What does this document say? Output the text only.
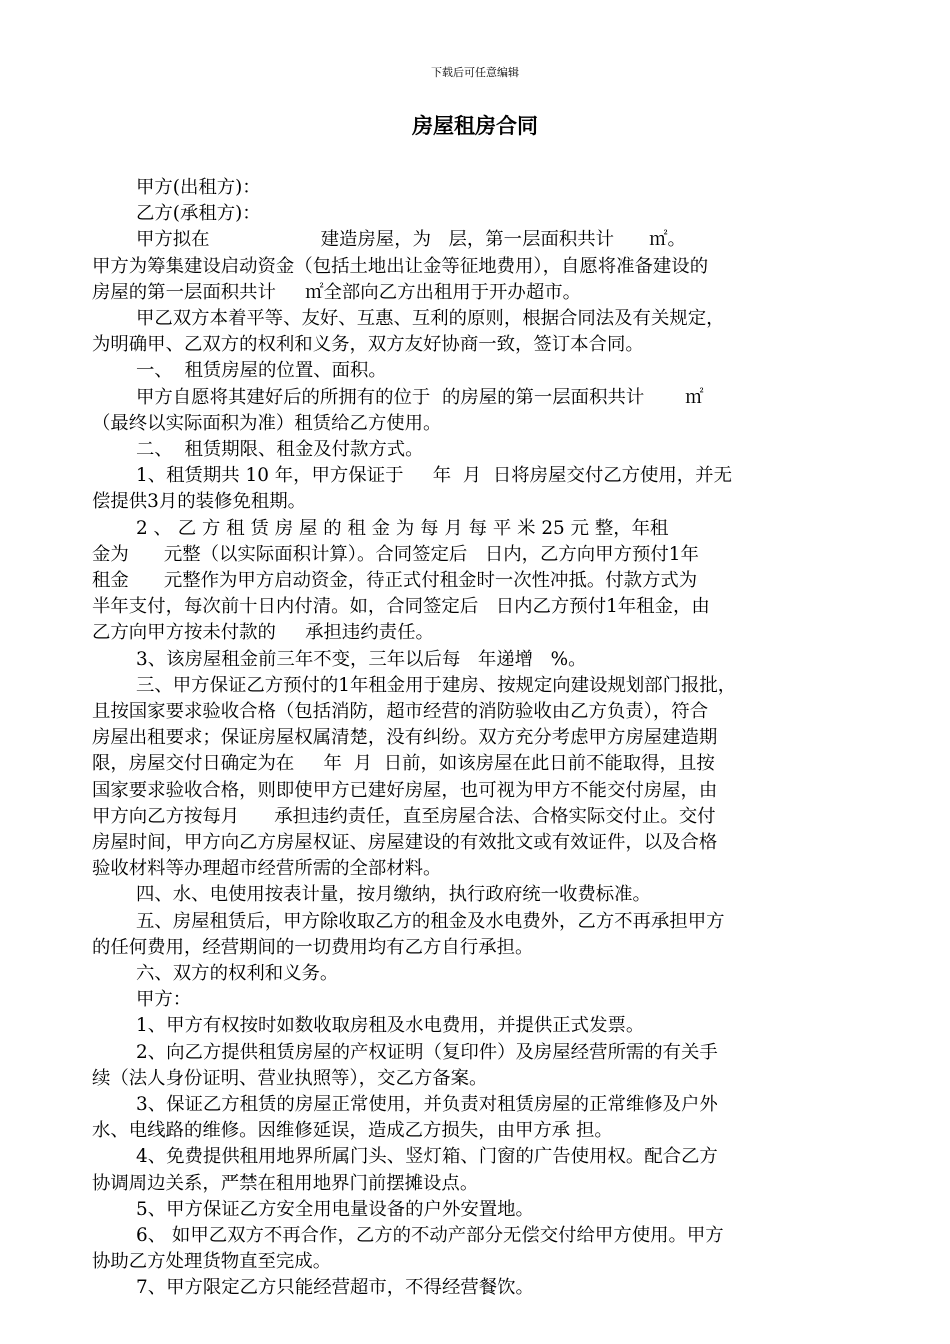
下载后可任意编辑
房屋租房合同
甲方(出租方)：
乙方(承租方)：
甲方拟在                   建造房屋，为   层，第一层面积共计      ㎡。
甲方为筹集建设启动资金（包括土地出让金等征地费用），自愿将准备建设的
房屋的第一层面积共计     ㎡全部向乙方出租用于开办超市。
甲乙双方本着平等、友好、互惠、互利的原则，根据合同法及有关规定，
为明确甲、乙双方的权利和义务，双方友好协商一致，签订本合同。
一、  租赁房屋的位置、面积。
甲方自愿将其建好后的所拥有的位于  的房屋的第一层面积共计       ㎡
（最终以实际面积为准）租赁给乙方使用。
二、  租赁期限、租金及付款方式。
1、租赁期共 10 年，甲方保证于     年  月  日将房屋交付乙方使用，并无
偿提供3月的装修免租期。
2 、 乙 方 租 赁 房 屋 的 租 金 为 每 月 每 平 米 25 元 整，年租
金为      元整（以实际面积计算）。合同签定后   日内，乙方向甲方预付1年
租金      元整作为甲方启动资金，待正式付租金时一次性冲抵。付款方式为
半年支付，每次前十日内付清。如，合同签定后   日内乙方预付1年租金，由
乙方向甲方按未付款的     承担违约责任。
3、该房屋租金前三年不变，三年以后每   年递增   %。
三、甲方保证乙方预付的1年租金用于建房、按规定向建设规划部门报批，
且按国家要求验收合格（包括消防，超市经营的消防验收由乙方负责），符合
房屋出租要求；保证房屋权属清楚，没有纠纷。双方充分考虑甲方房屋建造期
限，房屋交付日确定为在     年  月  日前，如该房屋在此日前不能取得，且按
国家要求验收合格，则即使甲方已建好房屋，也可视为甲方不能交付房屋，由
甲方向乙方按每月      承担违约责任，直至房屋合法、合格实际交付止。交付
房屋时间，甲方向乙方房屋权证、房屋建设的有效批文或有效证件，以及合格
验收材料等办理超市经营所需的全部材料。
四、水、电使用按表计量，按月缴纳，执行政府统一收费标准。
五、房屋租赁后，甲方除收取乙方的租金及水电费外，乙方不再承担甲方
的任何费用，经营期间的一切费用均有乙方自行承担。
六、双方的权利和义务。
甲方：
1、甲方有权按时如数收取房租及水电费用，并提供正式发票。
2、向乙方提供租赁房屋的产权证明（复印件）及房屋经营所需的有关手
续（法人身份证明、营业执照等），交乙方备案。
3、保证乙方租赁的房屋正常使用，并负责对租赁房屋的正常维修及户外
水、电线路的维修。因维修延误，造成乙方损失，由甲方承 担。
4、免费提供租用地界所属门头、竖灯箱、门窗的广告使用权。配合乙方
协调周边关系，严禁在租用地界门前摆摊设点。
5、甲方保证乙方安全用电量设备的户外安置地。
6、 如甲乙双方不再合作，乙方的不动产部分无偿交付给甲方使用。甲方
协助乙方处理货物直至完成。
7、甲方限定乙方只能经营超市，不得经营餐饮。
